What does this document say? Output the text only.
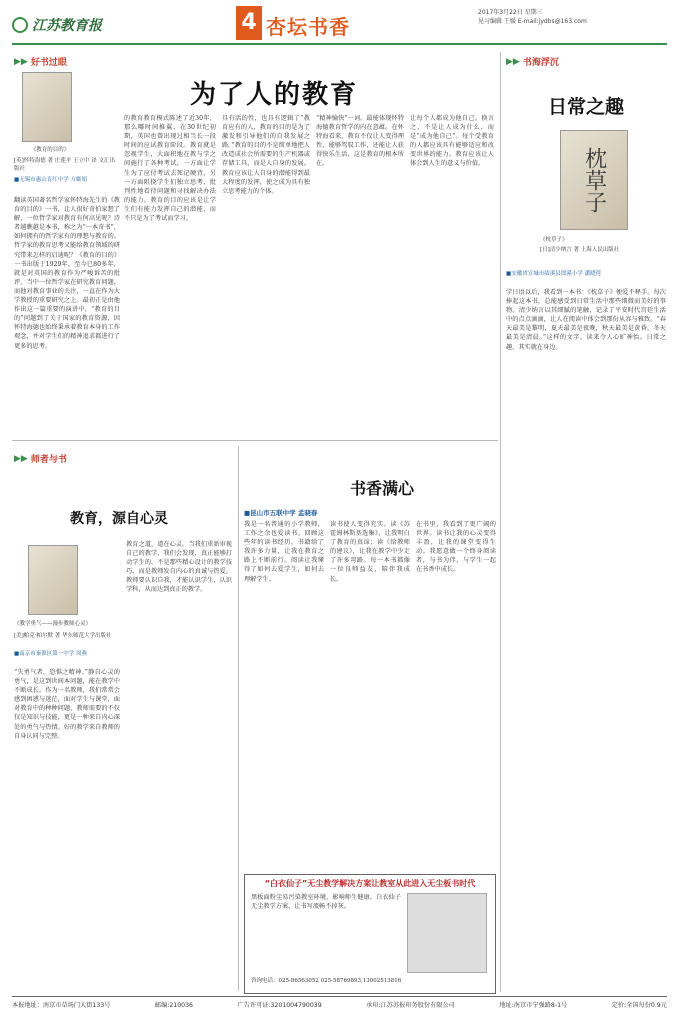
江苏教育报	4 杏坛书香
2017年3月22日 星期三
见习编辑 王媛 E-mail:jydbs@163.com
▶▶ 好书过眼
《教育的目的》
[英]怀特海德 著 庄莲平 王立中 译 文汇出版社
■无锡市惠山育红中学 方姬娟
翻读英国著名哲学家怀特海先生的《教育的目的》一书，让人很好奇伯家想了解，一位哲学家对教育有何高见呢？诗者越瞧越是本书，称之为“一本奇书”，如何拥有的哲学家有的理想与教育的。哲学家的教育思考又能给教育领域的研究带来怎样的启迪呢？《教育的目的》一书出版于1929年，至今已80多年，就是对英国的教育作为严峻诉苦的批评。当中一位哲学家在研究教育问题，而他对教育事业的关注，一直在作为大学教授的重要研究之上。最初正是由他作出这一篇重要的演讲中，“教育的目的”问题到了关于国家的教育资源，因怀特海德也始终秉承着教育本身的工作观念，并对学生们的精神追求都进行了更多的思考。
为了人的教育
的教育教育模式陈述了近30年，那么哪时间推翼，在30世纪初期，英国也曾出现过相当长一段时间的应试教育阶段。教育就是忽视学生，大面积地在教与学之间施行了各种考试，一方面让学生为了应付考试去死记硬背，另一方面阻挠学生们独立思考、批判性地看待问题和寻找解决办法的能力。教育的目的应该是让学生们有能力发挥自己的潜能，而不只是为了考试而学习。
具有活的性，也具有逻辑了“教育应有的人，教育的目的是为了激发和引导他们的自我发展之路。”教育的目的不是简单地把人改造成社会所需要的生产机器或存储工具，而是人自身的发展。教育应该让人自身的潜能得到最大程度的发挥，使之成为具有独立思考能力的个体。
“精神愉快”一词。最能体现怀特海德教育哲学的内在意蕴。在怀特海看来，教育不仅让人变得理性，能够驾驭工作，还能让人获得快乐生活，这是教育的根本所在。
让每个人都成为他自己。换言之，不是让人成为什么，而是“成为他自己”。每个受教育的人都应该具有能够适应和改变世界的能力。教育应该让人体会到人生的意义与价值。
▶▶ 书海浮沉
日常之趣
枕草子
《枕草子》
[日]清少纳言 著 上海人民出版社
■安徽省宣城市绩溪县郎溪小学 潘晓莲
学日语以后，我看到一本书：《枕草子》便爱不释手。每次捧起这本书，总能感受到日常生活中那些细微而美好的事物。清少纳言以其细腻的笔触，记录了平安时代宫廷生活中的点点滴滴，让人在阅读中体会到那份从容与雅致。“春天最美是黎明，夏天最美是夜晚，秋天最美是黄昏，冬天最美是清晨。”这样的文字，读来令人心旷神怡。日常之趣，其实就在身边。
▶▶ 师者与书
教育，源自心灵
《教学勇气——漫步教师心灵》
[美]帕克·帕尔默 著 华东师范大学出版社
■南京市秦淮区第一中学 周燕
“失勇气者，恐惧之精神。”静自心灵的勇气，是这到世间本问题，能在教学中不断成长。作为一名教师，我们常常会感到困惑与迷茫，面对学生与课堂，面对教育中的种种问题，教师需要的不仅仅是知识与技能，更是一种来自内心深处的勇气与热情。好的教学来自教师的自身认同与完整。
教育之道，道在心灵。当我们重新审视自己的教学，我们会发现，真正能够打动学生的，不是那些精心设计的教学技巧，而是教师发自内心的真诚与热爱。教师要认识自我，才能认识学生，认识学科，从而达到真正的教学。
书香满心
■昆山市五联中学 孟晓春
我是一名普通的小学教师，工作之余也爱读书。回顾这些年的读书经历，书籍给了我许多力量，让我在教育之路上不断前行。阅读让我懂得了如何去爱学生，如何去理解学生。
读书使人变得充实。读《苏霍姆林斯基选集》，让我明白了教育的真谛；读《给教师的建议》，让我在教学中少走了许多弯路。每一本书都像一位良师益友，陪伴我成长。
在书里，我看到了更广阔的世界。读书让我的心灵变得丰盈，让我的课堂变得生动。我愿意做一个终身阅读者，与书为伴，与学生一起在书香中成长。
“白衣仙子”无尘教学解决方案让教室从此进入无尘板书时代
黑板面粉尘易污染教室环境，影响师生健康。白衣仙子无尘教学方案，让书写流畅不掉灰。
咨询电话：025-86563052 025-58769893,13002513816
本报地址：南京市草场门大街133号	邮编:210036	广告许可证:3201004790039	承印:江苏苏报印务股份有限公司	地址:南京市宁强路8-1号	定价:全国每份0.9元
